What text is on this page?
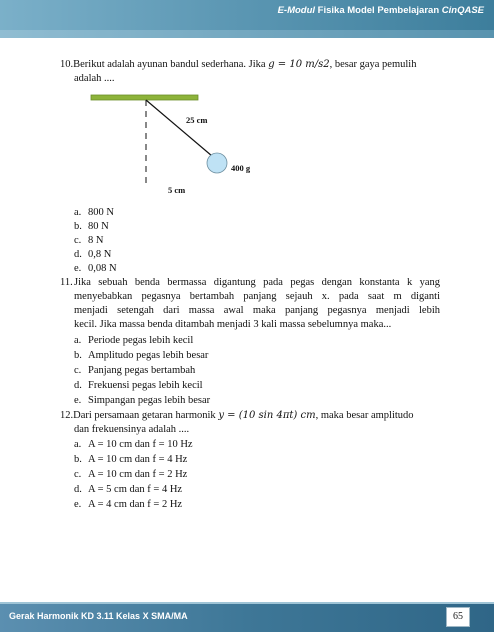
E-Modul Fisika Model Pembelajaran CinQASE
10.Berikut adalah ayunan bandul sederhana. Jika g = 10 m/s2, besar gaya pemulih
adalah ....
25 cm
400 g
5 cm
a. 800 N
b. 80 N
c. 8 N
d. 0,8 N
e. 0,08 N
11. Jika sebuah benda bermassa digantung pada pegas dengan konstanta k yang
menyebabkan pegasnya bertambah panjang sejauh x. pada saat m diganti
menjadi setengah dari massa awal maka panjang pegasnya menjadi lebih
kecil. Jika massa benda ditambah menjadi 3 kali massa sebelumnya maka...
a. Periode pegas lebih kecil
b. Amplitudo pegas lebih besar
c. Panjang pegas bertambah
d. Frekuensi pegas lebih kecil
e. Simpangan pegas lebih besar
12.Dari persamaan getaran harmonik y = (10 sin 4πt) cm, maka besar amplitudo
dan frekuensinya adalah ....
a. A = 10 cm dan f = 10 Hz
b. A = 10 cm dan f = 4 Hz
c. A = 10 cm dan f = 2 Hz
d. A = 5 cm dan f = 4 Hz
e. A = 4 cm dan f = 2 Hz
Gerak Harmonik KD 3.11 Kelas X SMA/MA	65
